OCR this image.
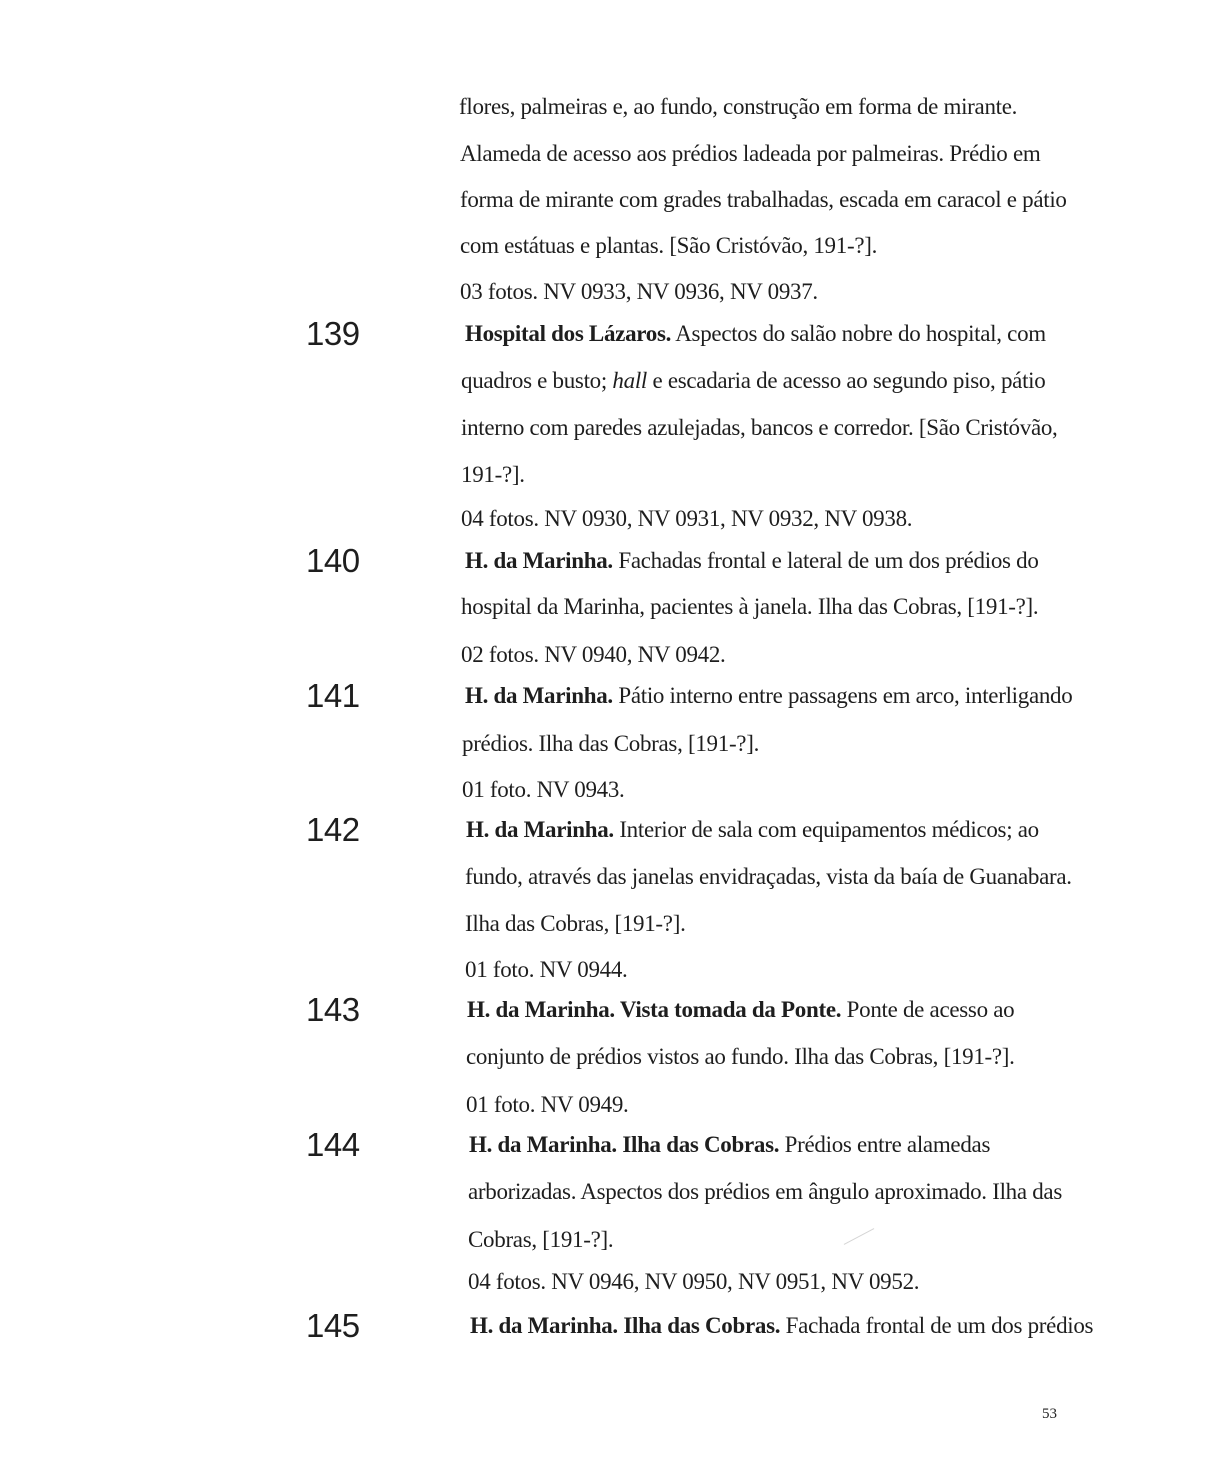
flores, palmeiras e, ao fundo, construção em forma de mirante.
Alameda de acesso aos prédios ladeada por palmeiras. Prédio em
forma de mirante com grades trabalhadas, escada em caracol e pátio
com estátuas e plantas. [São Cristóvão, 191-?].
03 fotos. NV 0933, NV 0936, NV 0937.
Hospital dos Lázaros. Aspectos do salão nobre do hospital, com
quadros e busto; hall e escadaria de acesso ao segundo piso, pátio
interno com paredes azulejadas, bancos e corredor. [São Cristóvão,
191-?].
04 fotos. NV 0930, NV 0931, NV 0932, NV 0938.
H. da Marinha. Fachadas frontal e lateral de um dos prédios do
hospital da Marinha, pacientes à janela. Ilha das Cobras, [191-?].
02 fotos. NV 0940, NV 0942.
H. da Marinha. Pátio interno entre passagens em arco, interligando
prédios. Ilha das Cobras, [191-?].
01 foto. NV 0943.
H. da Marinha. Interior de sala com equipamentos médicos; ao
fundo, através das janelas envidraçadas, vista da baía de Guanabara.
Ilha das Cobras, [191-?].
01 foto. NV 0944.
H. da Marinha. Vista tomada da Ponte. Ponte de acesso ao
conjunto de prédios vistos ao fundo. Ilha das Cobras, [191-?].
01 foto. NV 0949.
H. da Marinha. Ilha das Cobras. Prédios entre alamedas
arborizadas. Aspectos dos prédios em ângulo aproximado. Ilha das
Cobras, [191-?].
04 fotos. NV 0946, NV 0950, NV 0951, NV 0952.
H. da Marinha. Ilha das Cobras. Fachada frontal de um dos prédios
139
140
141
142
143
144
145
53
